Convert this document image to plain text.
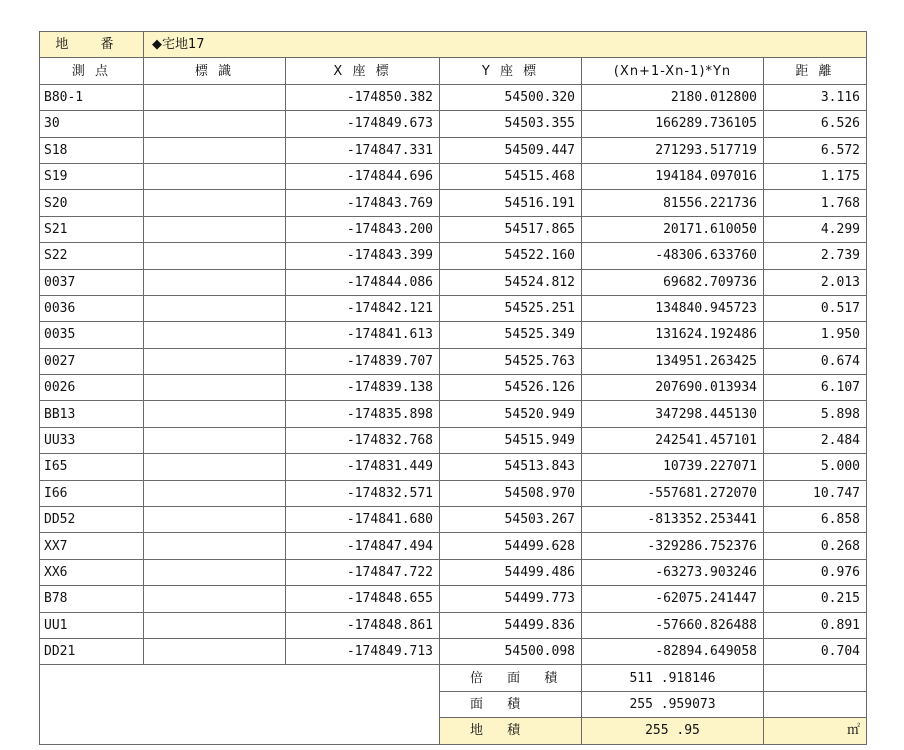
地 番	◆宅地17				
測 点	標 識	X 座 標	Y 座 標	(Xn+1-Xn-1)*Yn	距 離
B80-1		-174850.382	54500.320	2180.012800	3.116
30		-174849.673	54503.355	166289.736105	6.526
S18		-174847.331	54509.447	271293.517719	6.572
S19		-174844.696	54515.468	194184.097016	1.175
S20		-174843.769	54516.191	81556.221736	1.768
S21		-174843.200	54517.865	20171.610050	4.299
S22		-174843.399	54522.160	-48306.633760	2.739
0037		-174844.086	54524.812	69682.709736	2.013
0036		-174842.121	54525.251	134840.945723	0.517
0035		-174841.613	54525.349	131624.192486	1.950
0027		-174839.707	54525.763	134951.263425	0.674
0026		-174839.138	54526.126	207690.013934	6.107
BB13		-174835.898	54520.949	347298.445130	5.898
UU33		-174832.768	54515.949	242541.457101	2.484
I65		-174831.449	54513.843	10739.227071	5.000
I66		-174832.571	54508.970	-557681.272070	10.747
DD52		-174841.680	54503.267	-813352.253441	6.858
XX7		-174847.494	54499.628	-329286.752376	0.268
XX6		-174847.722	54499.486	-63273.903246	0.976
B78		-174848.655	54499.773	-62075.241447	0.215
UU1		-174848.861	54499.836	-57660.826488	0.891
DD21		-174849.713	54500.098	-82894.649058	0.704
			倍 面 積	511 .918146	
			面 積	255 .959073	
			地 積	255 .95	㎡
